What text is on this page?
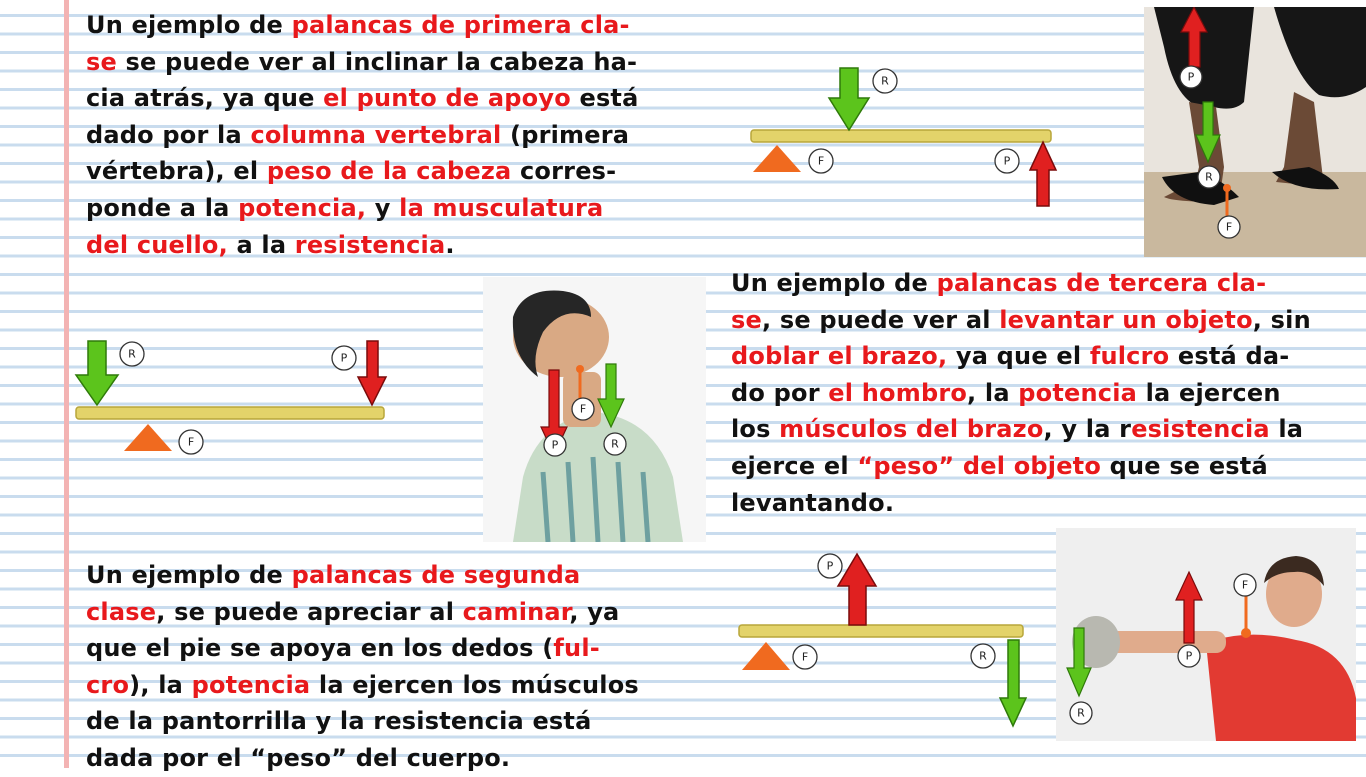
Un ejemplo de palancas de primera cla-
se se puede ver al inclinar la cabeza ha-
cia atrás, ya que el punto de apoyo está
dado por la columna vertebral (primera
vértebra), el peso de la cabeza corres-
ponde a la potencia, y la musculatura
del cuello, a la resistencia.

Un ejemplo de palancas de tercera cla-
se, se puede ver al levantar un objeto, sin
doblar el brazo, ya que el fulcro está da-
do por el hombro, la potencia la ejercen
los músculos del brazo, y la resistencia la
ejerce el “peso” del objeto que se está
levantando.

Un ejemplo de palancas de segunda
clase, se puede apreciar al caminar, ya
que el pie se apoya en los dedos (ful-
cro), la potencia la ejercen los músculos
de la pantorrilla y la resistencia está
dada por el “peso” del cuerpo.

F
R	P
F
P	R
F
R
P
P
R
F
F
P
R
F
P
R
